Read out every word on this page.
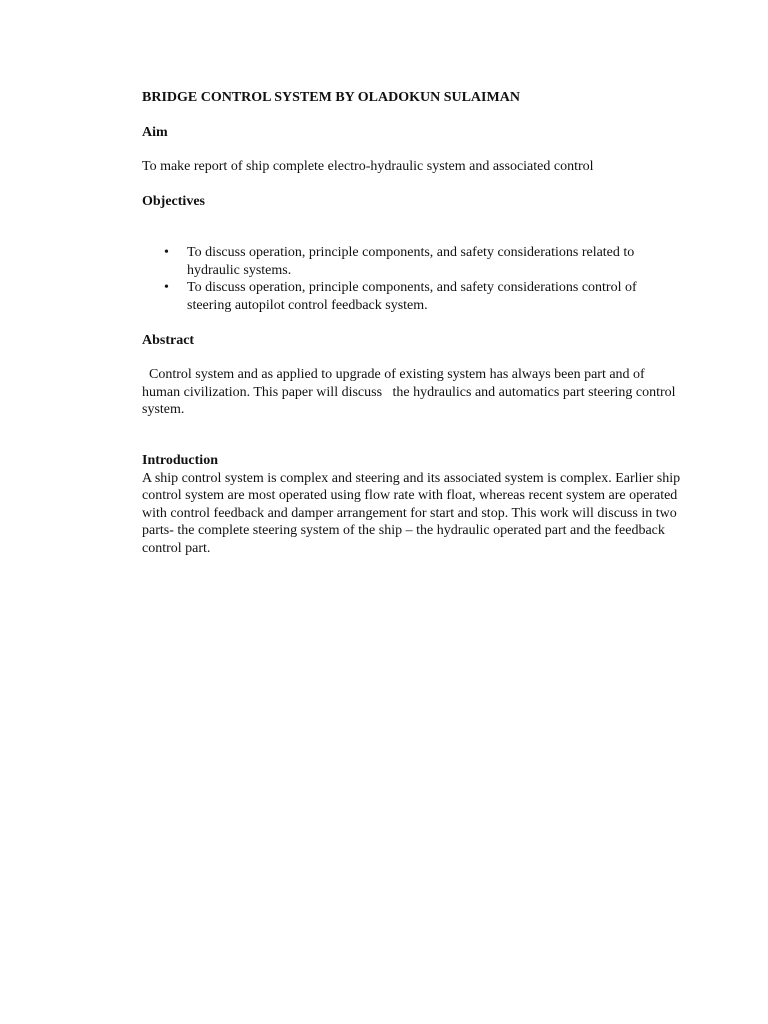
BRIDGE CONTROL SYSTEM BY OLADOKUN SULAIMAN

Aim

To make report of ship complete electro-hydraulic system and associated control

Objectives

• To discuss operation, principle components, and safety considerations related to hydraulic systems.
• To discuss operation, principle components, and safety considerations control of steering autopilot control feedback system.

Abstract

Control system and as applied to upgrade of existing system has always been part and of human civilization. This paper will discuss   the hydraulics and automatics part steering control system.

Introduction
A ship control system is complex and steering and its associated system is complex. Earlier ship control system are most operated using flow rate with float, whereas recent system are operated with control feedback and damper arrangement for start and stop. This work will discuss in two parts- the complete steering system of the ship – the hydraulic operated part and the feedback control part.
